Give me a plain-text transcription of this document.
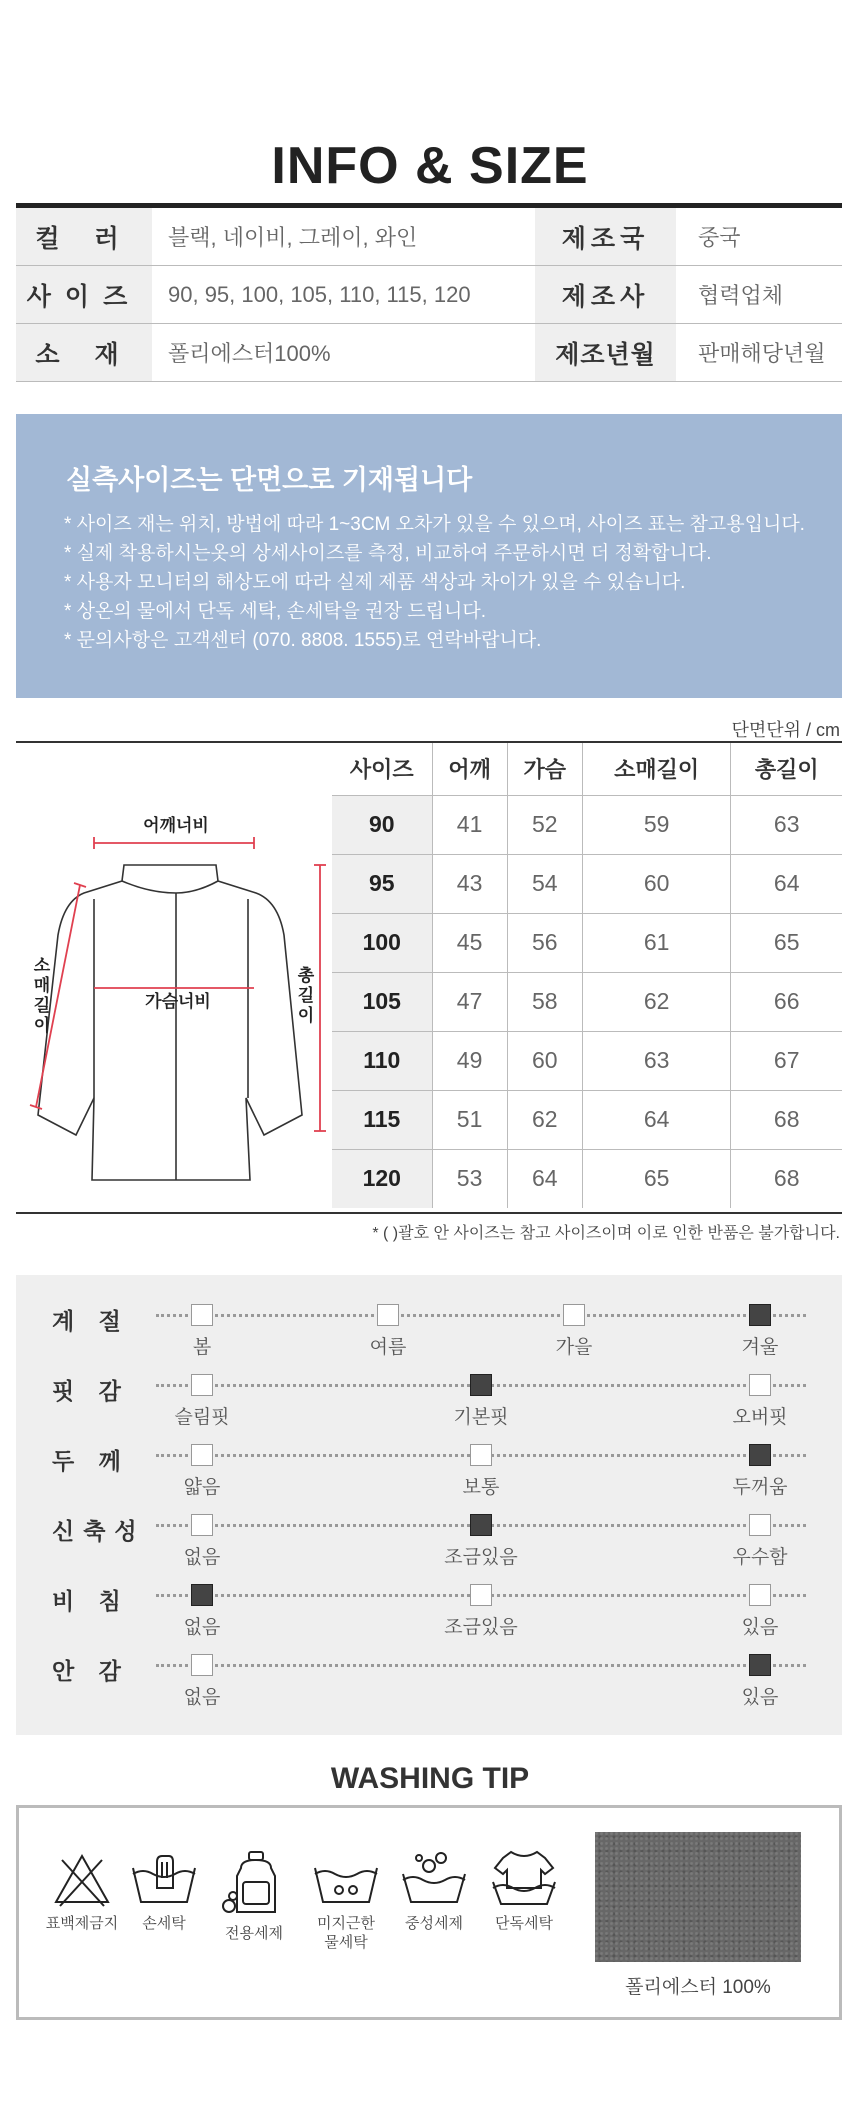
INFO & SIZE
컬 러	블랙, 네이비, 그레이, 와인	제조국	중국
사이즈	90, 95, 100, 105, 110, 115, 120	제조사	협력업체
소 재	폴리에스터100%	제조년월	판매해당년월
실측사이즈는 단면으로 기재됩니다
* 사이즈 재는 위치, 방법에 따라 1~3CM 오차가 있을 수 있으며, 사이즈 표는 참고용입니다.
* 실제 착용하시는옷의 상세사이즈를 측정, 비교하여 주문하시면 더 정확합니다.
* 사용자 모니터의 해상도에 따라 실제 제품 색상과 차이가 있을 수 있습니다.
* 상온의 물에서 단독 세탁, 손세탁을 권장 드립니다.
* 문의사항은 고객센터 (070. 8808. 1555)로 연락바랍니다.
단면단위 / cm
어깨너비
가슴너비
소
매
길
이
총
길
이
사이즈	어깨	가슴	소매길이	총길이
90	41	52	59	63
95	43	54	60	64
100	45	56	61	65
105	47	58	62	66
110	49	60	63	67
115	51	62	64	68
120	53	64	65	68
* ( )괄호 안 사이즈는 참고 사이즈이며 이로 인한 반품은 불가합니다.
계 절
봄	여름	가을	겨울
핏 감
슬림핏	기본핏	오버핏
두 께
얇음	보통	두꺼움
신축성
없음	조금있음	우수함
비 침
없음	조금있음	있음
안 감
없음	있음
WASHING TIP
표백제금지	손세탁
전용세제
미지근한
물세탁
중성세제	단독세탁
폴리에스터 100%
